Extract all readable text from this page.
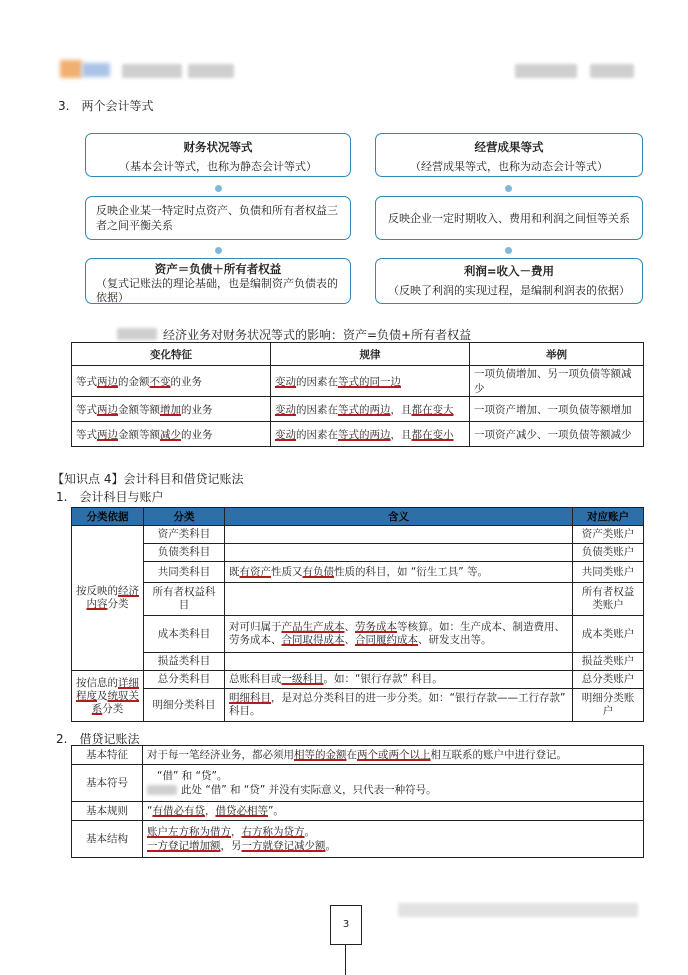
3.　两个会计等式
财务状况等式
（基本会计等式，也称为静态会计等式）
反映企业某一特定时点资产、负债和所有者权益三者之间平衡关系
资产＝负债＋所有者权益
（复式记账法的理论基础，也是编制资产负债表的依据）
经营成果等式
（经营成果等式，也称为动态会计等式）
反映企业一定时期收入、费用和利润之间恒等关系
利润=收入－费用
（反映了利润的实现过程，是编制利润表的依据）
经济业务对财务状况等式的影响：资产=负债+所有者权益
变化特征	规律	举例
等式两边的金额不变的业务	变动的因素在等式的同一边	一项负债增加、另一项负债等额减少
等式两边金额等额增加的业务	变动的因素在等式的两边，且都在变大	一项资产增加、一项负债等额增加
等式两边金额等额减少的业务	变动的因素在等式的两边，且都在变小	一项资产减少、一项负债等额减少
【知识点 4】会计科目和借贷记账法
1.　会计科目与账户
分类依据	分类	含义	对应账户
按反映的经济内容分类	资产类科目		资产类账户
	负债类科目		负债类账户
	共同类科目	既有资产性质又有负债性质的科目，如 “衍生工具” 等。	共同类账户
	所有者权益科目		所有者权益类账户
	成本类科目	对可归属于产品生产成本、劳务成本等核算。如：生产成本、制造费用、劳务成本、合同取得成本、合同履约成本、研发支出等。	成本类账户
	损益类科目		损益类账户
按信息的详细程度及统驭关系分类	总分类科目	总账科目或一级科目。如：“银行存款” 科目。	总分类账户
	明细分类科目	明细科目，是对总分类科目的进一步分类。如：“银行存款——工行存款” 科目。	明细分类账户
2.　借贷记账法
基本特征	对于每一笔经济业务，都必须用相等的金额在两个或两个以上相互联系的账户中进行登记。
基本符号	“借” 和 “贷”。
此处 “借” 和 “贷” 并没有实际意义，只代表一种符号。

基本规则	“有借必有贷，借贷必相等”。
基本结构	账户左方称为借方，右方称为贷方。
一方登记增加额，另一方就登记减少额。
3
